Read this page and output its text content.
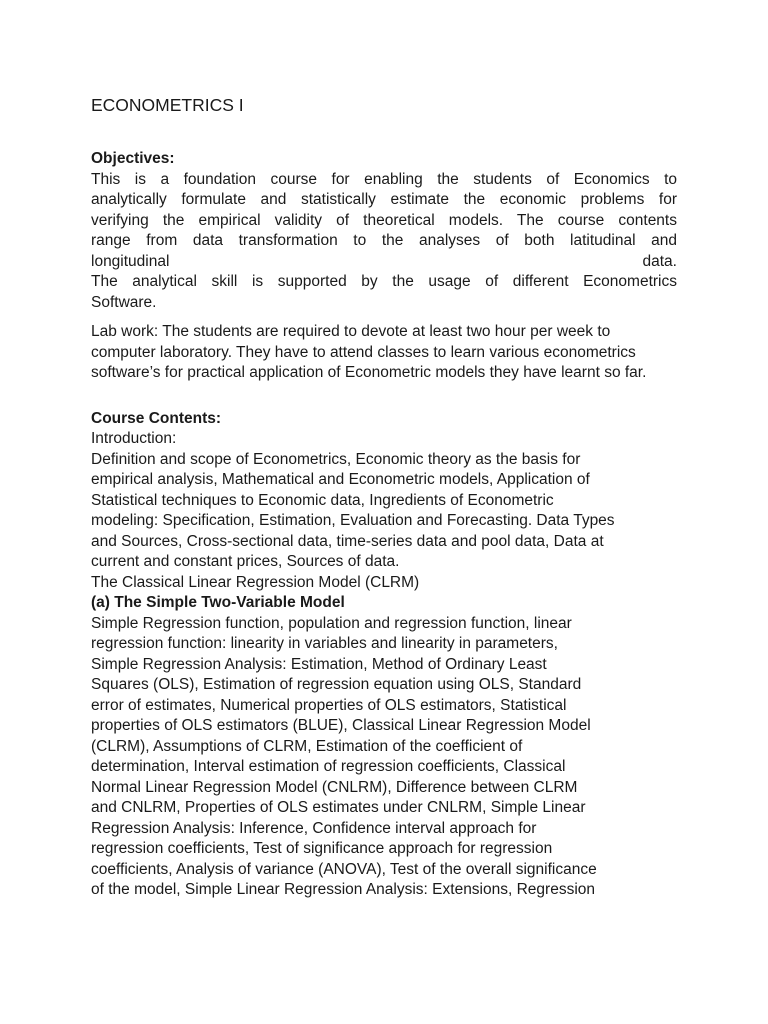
ECONOMETRICS I
Objectives:
This is a foundation course for enabling the students of Economics to
analytically formulate and statistically estimate the economic problems for
verifying the empirical validity of theoretical models. The course contents
range from data transformation to the analyses of both latitudinal and
longitudinal data.
The analytical skill is supported by the usage of different Econometrics
Software.
Lab work: The students are required to devote at least two hour per week to
computer laboratory. They have to attend classes to learn various econometrics
software’s for practical application of Econometric models they have learnt so far.
Course Contents:
Introduction:
Definition and scope of Econometrics, Economic theory as the basis for
empirical analysis, Mathematical and Econometric models, Application of
Statistical techniques to Economic data, Ingredients of Econometric
modeling: Specification, Estimation, Evaluation and Forecasting. Data Types
and Sources, Cross-sectional data, time-series data and pool data, Data at
current and constant prices, Sources of data.
The Classical Linear Regression Model (CLRM)
(a) The Simple Two-Variable Model
Simple Regression function, population and regression function, linear
regression function: linearity in variables and linearity in parameters,
Simple Regression Analysis: Estimation, Method of Ordinary Least
Squares (OLS), Estimation of regression equation using OLS, Standard
error of estimates, Numerical properties of OLS estimators, Statistical
properties of OLS estimators (BLUE), Classical Linear Regression Model
(CLRM), Assumptions of CLRM, Estimation of the coefficient of
determination, Interval estimation of regression coefficients, Classical
Normal Linear Regression Model (CNLRM), Difference between CLRM
and CNLRM, Properties of OLS estimates under CNLRM, Simple Linear
Regression Analysis: Inference, Confidence interval approach for
regression coefficients, Test of significance approach for regression
coefficients, Analysis of variance (ANOVA), Test of the overall significance
of the model, Simple Linear Regression Analysis: Extensions, Regression
